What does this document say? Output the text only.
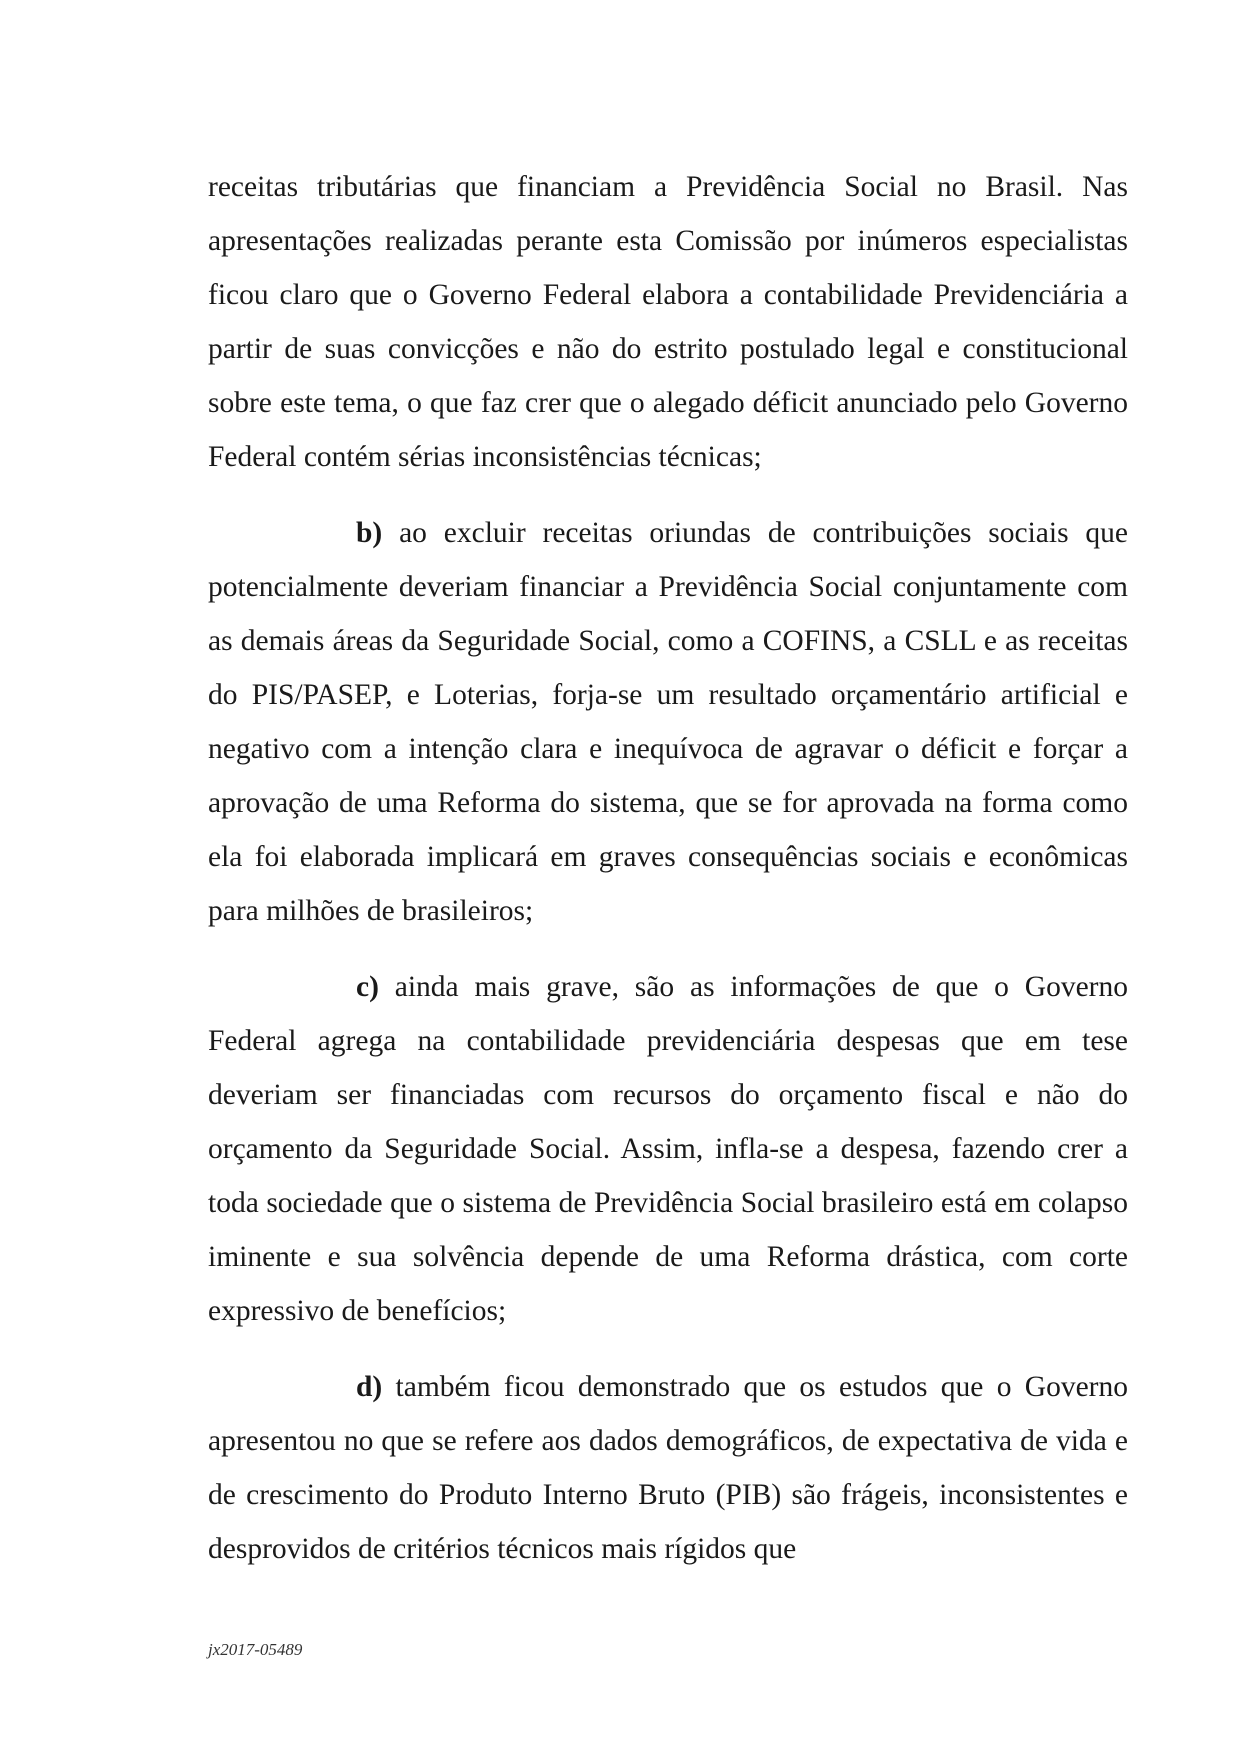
receitas tributárias que financiam a Previdência Social no Brasil. Nas apresentações realizadas perante esta Comissão por inúmeros especialistas ficou claro que o Governo Federal elabora a contabilidade Previdenciária a partir de suas convicções e não do estrito postulado legal e constitucional sobre este tema, o que faz crer que o alegado déficit anunciado pelo Governo Federal contém sérias inconsistências técnicas;

b) ao excluir receitas oriundas de contribuições sociais que potencialmente deveriam financiar a Previdência Social conjuntamente com as demais áreas da Seguridade Social, como a COFINS, a CSLL e as receitas do PIS/PASEP, e Loterias, forja-se um resultado orçamentário artificial e negativo com a intenção clara e inequívoca de agravar o déficit e forçar a aprovação de uma Reforma do sistema, que se for aprovada na forma como ela foi elaborada implicará em graves consequências sociais e econômicas para milhões de brasileiros;

c) ainda mais grave, são as informações de que o Governo Federal agrega na contabilidade previdenciária despesas que em tese deveriam ser financiadas com recursos do orçamento fiscal e não do orçamento da Seguridade Social. Assim, infla-se a despesa, fazendo crer a toda sociedade que o sistema de Previdência Social brasileiro está em colapso iminente e sua solvência depende de uma Reforma drástica, com corte expressivo de benefícios;

d) também ficou demonstrado que os estudos que o Governo apresentou no que se refere aos dados demográficos, de expectativa de vida e de crescimento do Produto Interno Bruto (PIB) são frágeis, inconsistentes e desprovidos de critérios técnicos mais rígidos que

jx2017-05489
